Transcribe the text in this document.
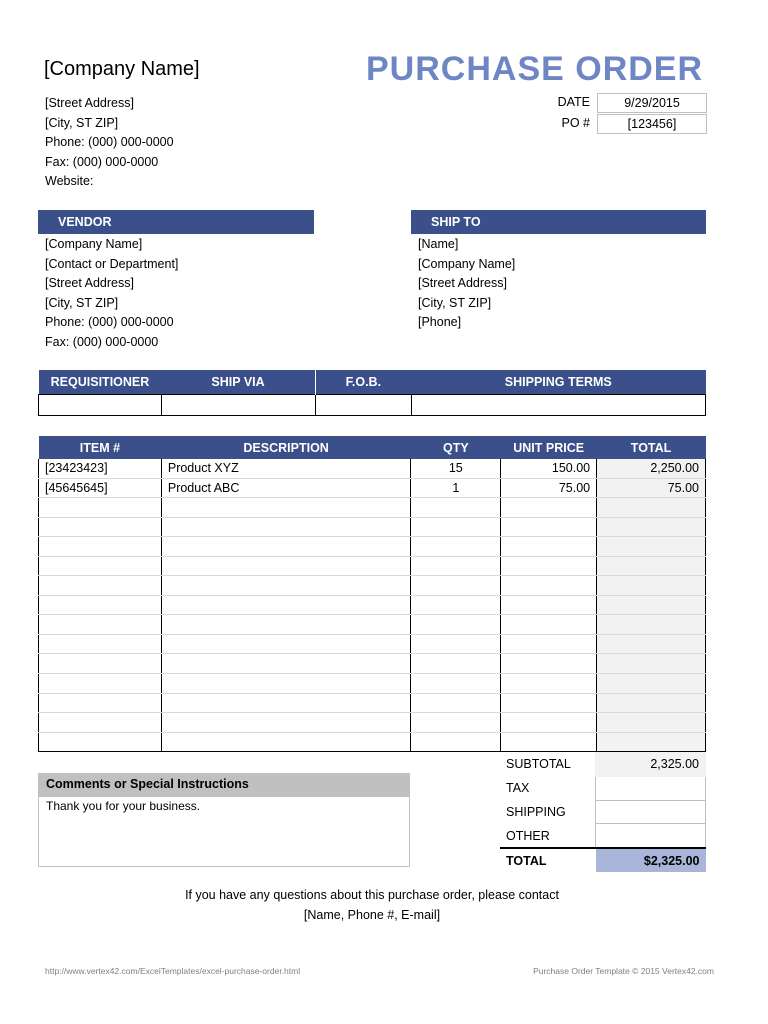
[Company Name]	PURCHASE ORDER
[Street Address]
[City, ST ZIP]
Phone: (000) 000-0000
Fax: (000) 000-0000
Website:
DATE	9/29/2015
PO #	[123456]
VENDOR
[Company Name]
[Contact or Department]
[Street Address]
[City, ST ZIP]
Phone: (000) 000-0000
Fax: (000) 000-0000
SHIP TO
[Name]
[Company Name]
[Street Address]
[City, ST ZIP]
[Phone]
REQUISITIONER	SHIP VIA	F.O.B.	SHIPPING TERMS

ITEM #	DESCRIPTION	QTY	UNIT PRICE	TOTAL
[23423423]	Product XYZ	15	150.00	2,250.00
[45645645]	Product ABC	1	75.00	75.00

SUBTOTAL	2,325.00
TAX	
SHIPPING	
OTHER	
TOTAL	$2,325.00
Comments or Special Instructions
Thank you for your business.
If you have any questions about this purchase order, please contact
[Name, Phone #, E-mail]
http://www.vertex42.com/ExcelTemplates/excel-purchase-order.html	Purchase Order Template © 2015 Vertex42.com
